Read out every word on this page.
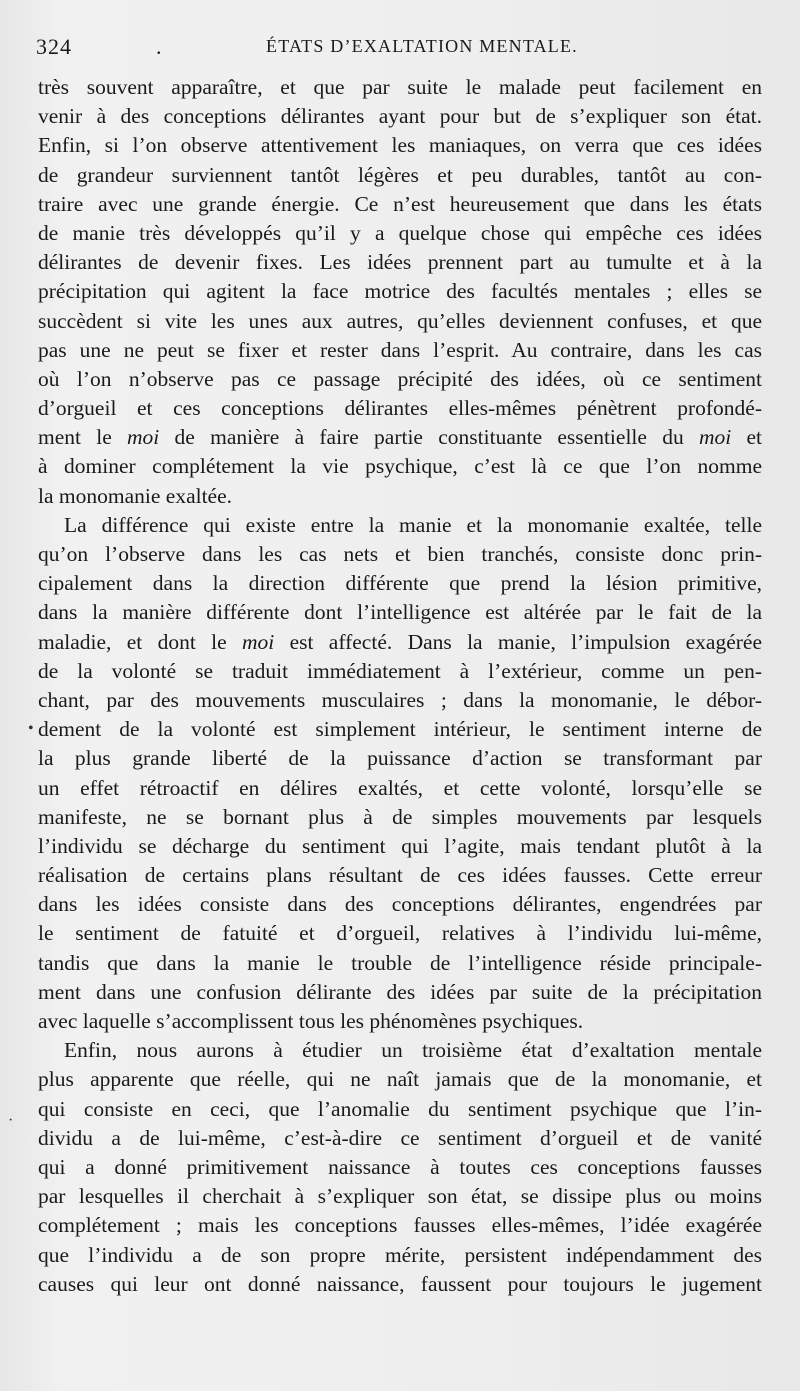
324	.	ÉTATS D’EXALTATION MENTALE.
très souvent apparaître, et que par suite le malade peut facilement en
venir à des conceptions délirantes ayant pour but de s’expliquer son état.
Enfin, si l’on observe attentivement les maniaques, on verra que ces idées
de grandeur surviennent tantôt légères et peu durables, tantôt au con-
traire avec une grande énergie. Ce n’est heureusement que dans les états
de manie très développés qu’il y a quelque chose qui empêche ces idées
délirantes de devenir fixes. Les idées prennent part au tumulte et à la
précipitation qui agitent la face motrice des facultés mentales ; elles se
succèdent si vite les unes aux autres, qu’elles deviennent confuses, et que
pas une ne peut se fixer et rester dans l’esprit. Au contraire, dans les cas
où l’on n’observe pas ce passage précipité des idées, où ce sentiment
d’orgueil et ces conceptions délirantes elles-mêmes pénètrent profondé-
ment le moi de manière à faire partie constituante essentielle du moi et
à dominer complétement la vie psychique, c’est là ce que l’on nomme
la monomanie exaltée.
La différence qui existe entre la manie et la monomanie exaltée, telle
qu’on l’observe dans les cas nets et bien tranchés, consiste donc prin-
cipalement dans la direction différente que prend la lésion primitive,
dans la manière différente dont l’intelligence est altérée par le fait de la
maladie, et dont le moi est affecté. Dans la manie, l’impulsion exagérée
de la volonté se traduit immédiatement à l’extérieur, comme un pen-
chant, par des mouvements musculaires ; dans la monomanie, le débor-
dement de la volonté est simplement intérieur, le sentiment interne de
la plus grande liberté de la puissance d’action se transformant par
un effet rétroactif en délires exaltés, et cette volonté, lorsqu’elle se
manifeste, ne se bornant plus à de simples mouvements par lesquels
l’individu se décharge du sentiment qui l’agite, mais tendant plutôt à la
réalisation de certains plans résultant de ces idées fausses. Cette erreur
dans les idées consiste dans des conceptions délirantes, engendrées par
le sentiment de fatuité et d’orgueil, relatives à l’individu lui-même,
tandis que dans la manie le trouble de l’intelligence réside principale-
ment dans une confusion délirante des idées par suite de la précipitation
avec laquelle s’accomplissent tous les phénomènes psychiques.
Enfin, nous aurons à étudier un troisième état d’exaltation mentale
plus apparente que réelle, qui ne naît jamais que de la monomanie, et
qui consiste en ceci, que l’anomalie du sentiment psychique que l’in-
dividu a de lui-même, c’est-à-dire ce sentiment d’orgueil et de vanité
qui a donné primitivement naissance à toutes ces conceptions fausses
par lesquelles il cherchait à s’expliquer son état, se dissipe plus ou moins
complétement ; mais les conceptions fausses elles-mêmes, l’idée exagérée
que l’individu a de son propre mérite, persistent indépendamment des
causes qui leur ont donné naissance, faussent pour toujours le jugement
•
·
